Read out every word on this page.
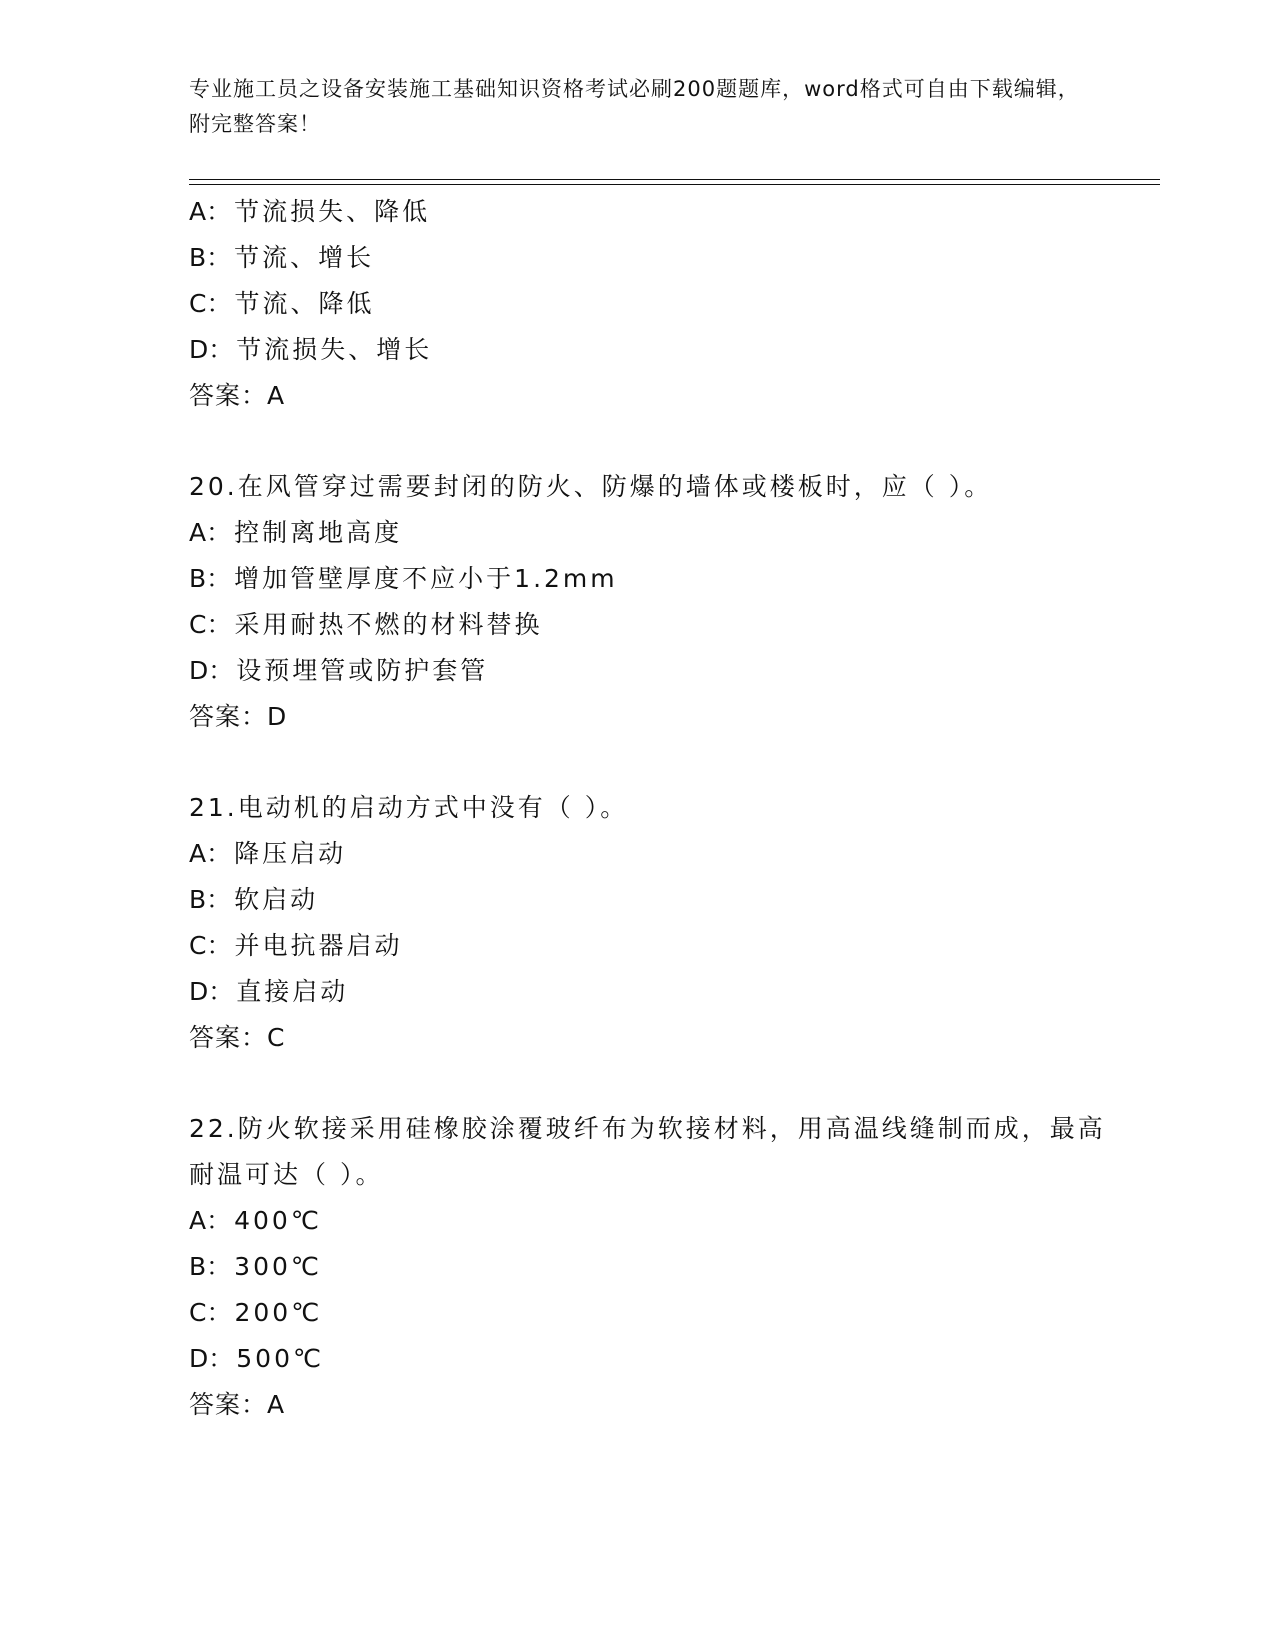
专业施工员之设备安装施工基础知识资格考试必刷200题题库，word格式可自由下载编辑，附完整答案！
A：节流损失、降低
B：节流、增长
C：节流、降低
D：节流损失、增长
答案：A
20.在风管穿过需要封闭的防火、防爆的墙体或楼板时，应（ ）。
A：控制离地高度
B：增加管壁厚度不应小于1.2mm
C：采用耐热不燃的材料替换
D：设预埋管或防护套管
答案：D
21.电动机的启动方式中没有（ ）。
A：降压启动
B：软启动
C：并电抗器启动
D：直接启动
答案：C
22.防火软接采用硅橡胶涂覆玻纤布为软接材料，用高温线缝制而成，最高耐温可达（ ）。
A：400℃
B：300℃
C：200℃
D：500℃
答案：A
